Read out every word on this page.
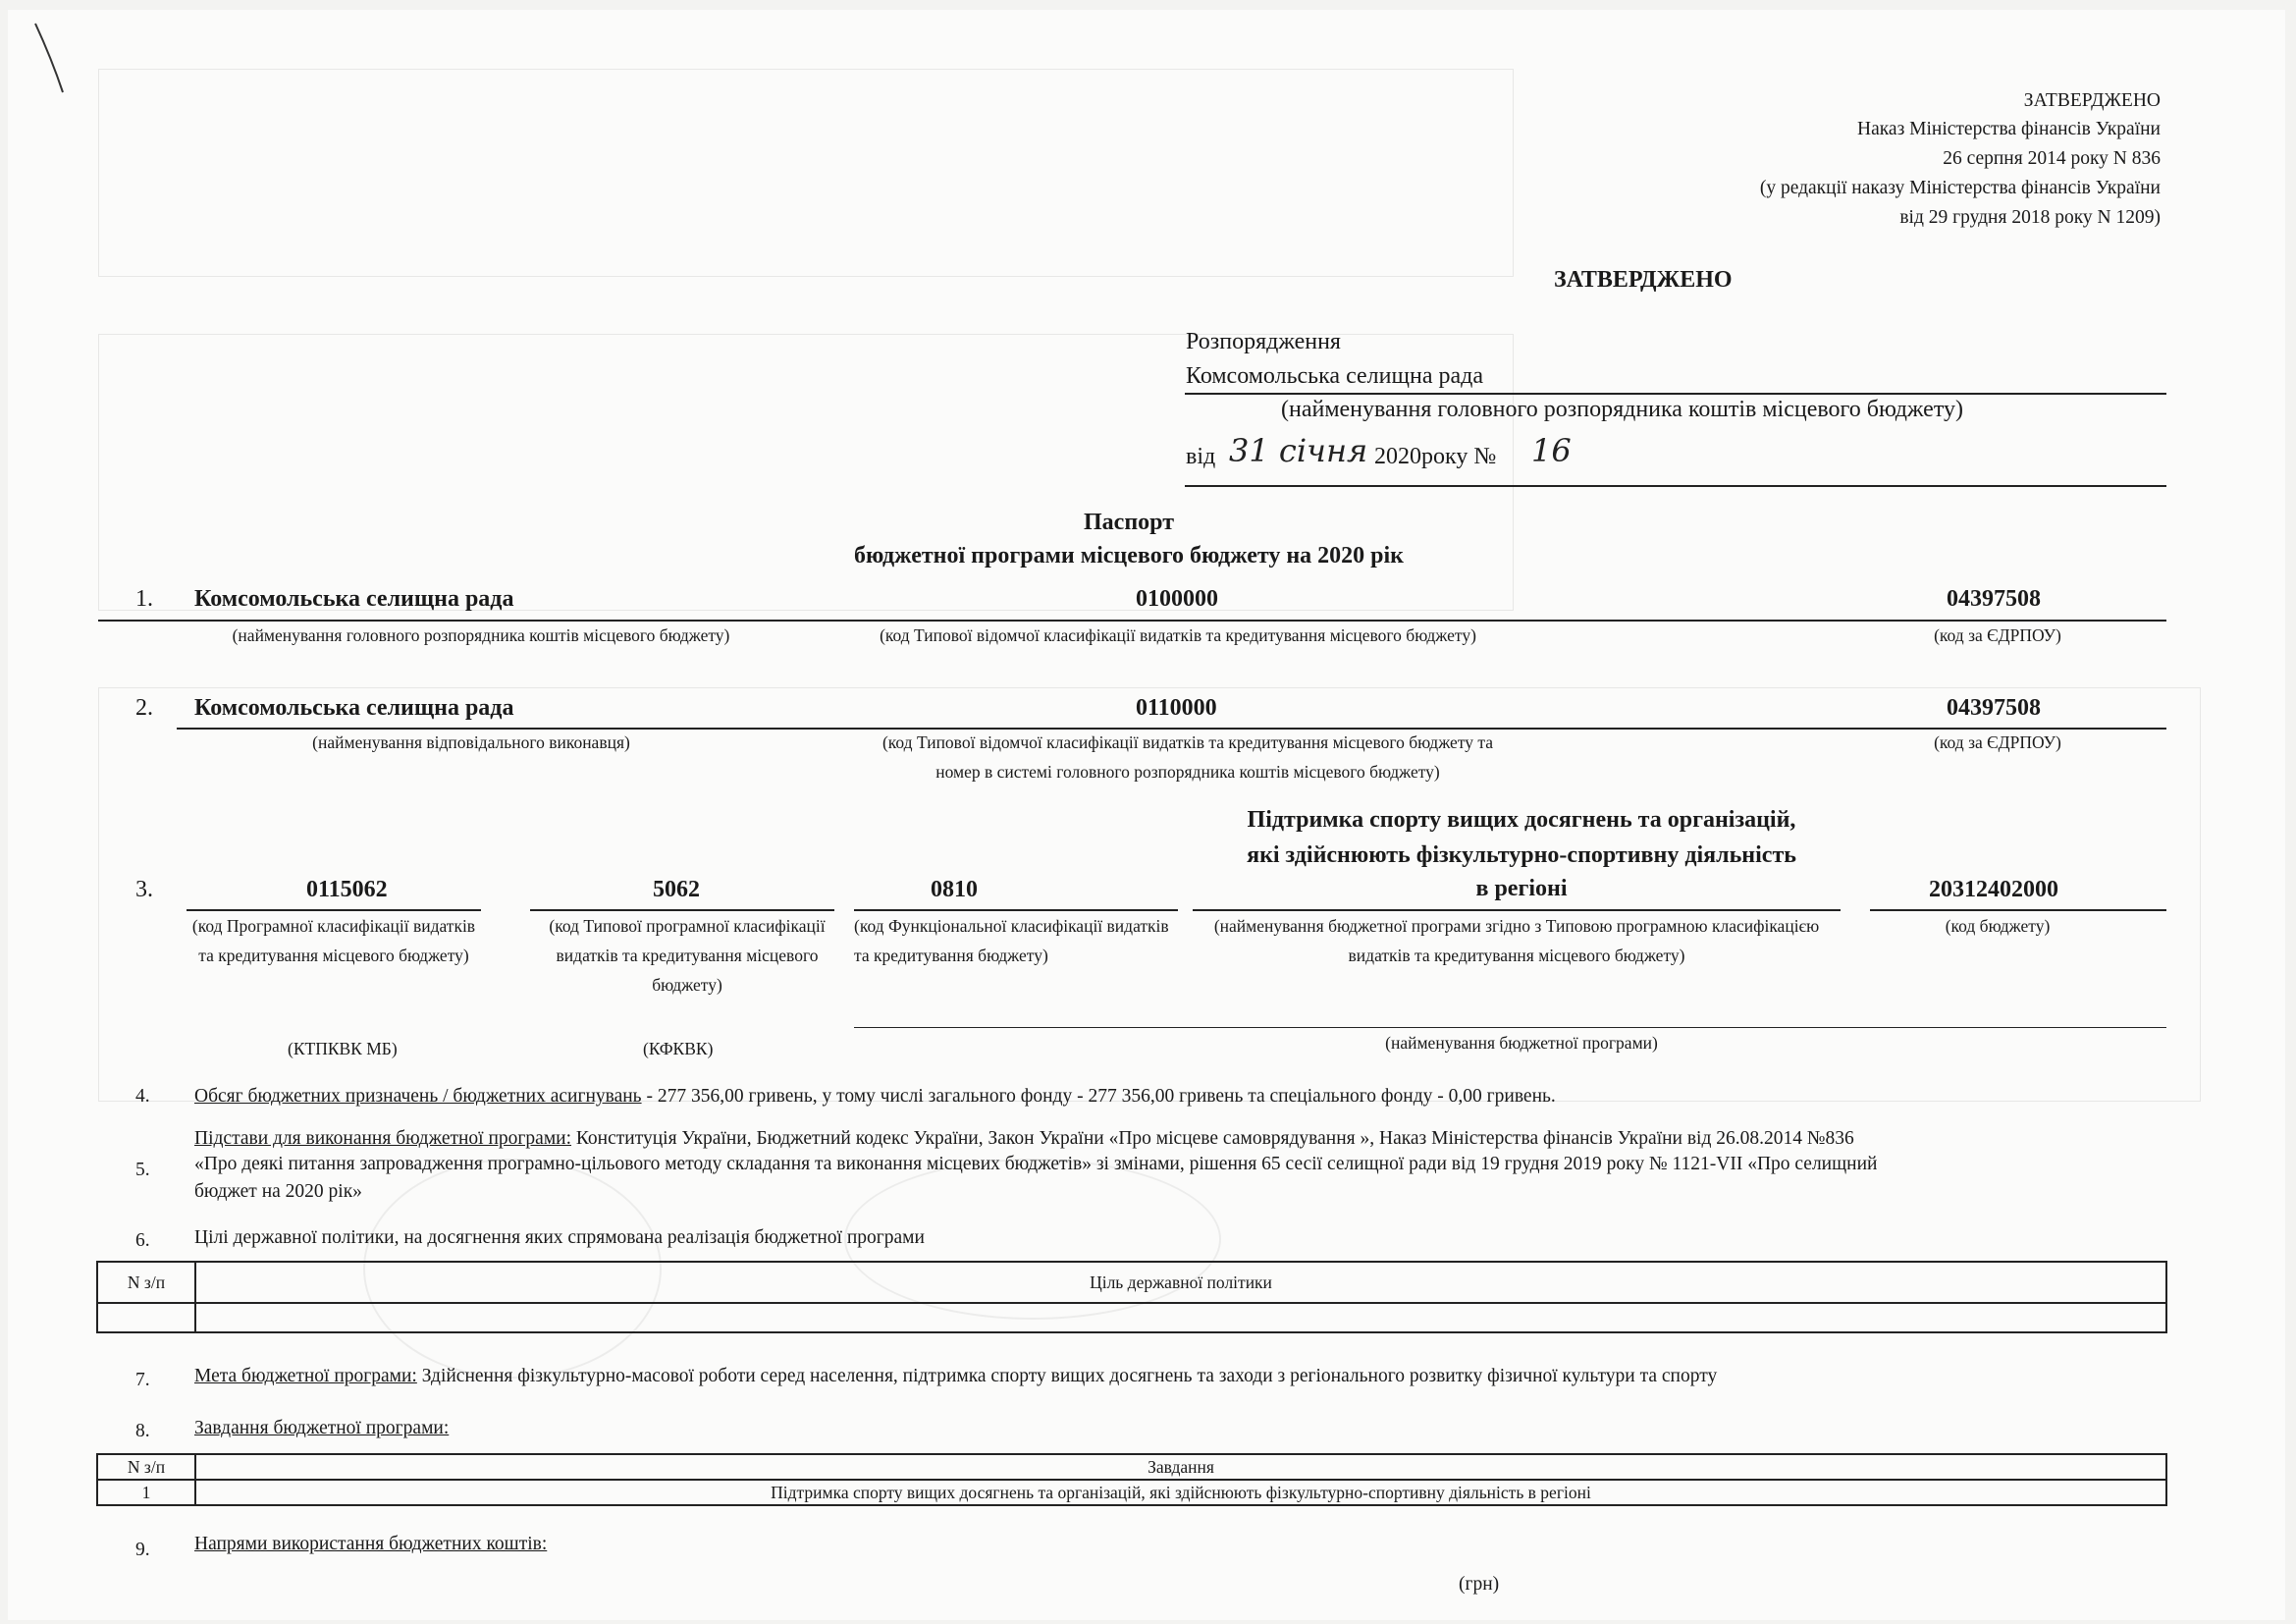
ЗАТВЕРДЖЕНО
Наказ Міністерства фінансів України
26 серпня 2014 року N 836
(у редакції наказу Міністерства фінансів України
від 29 грудня 2018 року N 1209)
ЗАТВЕРДЖЕНО
Розпорядження
Комсомольська селищна рада
(найменування головного розпорядника коштів місцевого бюджету)
від 31 січня 2020року № 16
Паспорт
бюджетної програми місцевого бюджету на 2020 рік
1. Комсомольська селищна рада	0100000	04397508
(найменування головного розпорядника коштів місцевого бюджету)	(код Типової відомчої класифікації видатків та кредитування місцевого бюджету)	(код за ЄДРПОУ)
2. Комсомольська селищна рада	0110000	04397508
(найменування відповідального виконавця)	(код Типової відомчої класифікації видатків та кредитування місцевого бюджету та номер в системі головного розпорядника коштів місцевого бюджету)
(код за ЄДРПОУ)
Підтримка спорту вищих досягнень та організацій,
які здійснюють фізкультурно-спортивну діяльність
в регіоні
3.	0115062	5062	0810	20312402000
(код Програмної класифікації видатків та кредитування місцевого бюджету)
(код Типової програмної класифікації видатків та кредитування місцевого бюджету)
(код Функціональної класифікації видатків та кредитування бюджету)
(найменування бюджетної програми згідно з Типовою програмною класифікацією видатків та кредитування місцевого бюджету)
(код бюджету)
(КТПКВК МБ)	(КФКВК)	(найменування бюджетної програми)
4. Обсяг бюджетних призначень / бюджетних асигнувань - 277 356,00 гривень, у тому числі загального фонду - 277 356,00 гривень та спеціального фонду - 0,00 гривень.
Підстави для виконання бюджетної програми: Конституція України, Бюджетний кодекс України, Закон України «Про місцеве самоврядування », Наказ Міністерства фінансів України від 26.08.2014 №836
5. «Про деякі питання запровадження програмно-цільового методу складання та виконання місцевих бюджетів» зі змінами, рішення 65 сесії селищної ради від 19 грудня 2019 року № 1121-VII «Про селищний
бюджет на 2020 рік»
6. Цілі державної політики, на досягнення яких спрямована реалізація бюджетної програми
N з/п	Ціль державної політики

7. Мета бюджетної програми: Здійснення фізкультурно-масової роботи серед населення, підтримка спорту вищих досягнень та заходи з регіонального розвитку фізичної культури та спорту
8. Завдання бюджетної програми:
N з/п	Завдання
1	Підтримка спорту вищих досягнень та організацій, які здійснюють фізкультурно-спортивну діяльність в регіоні
9. Напрями використання бюджетних коштів:
(грн)
